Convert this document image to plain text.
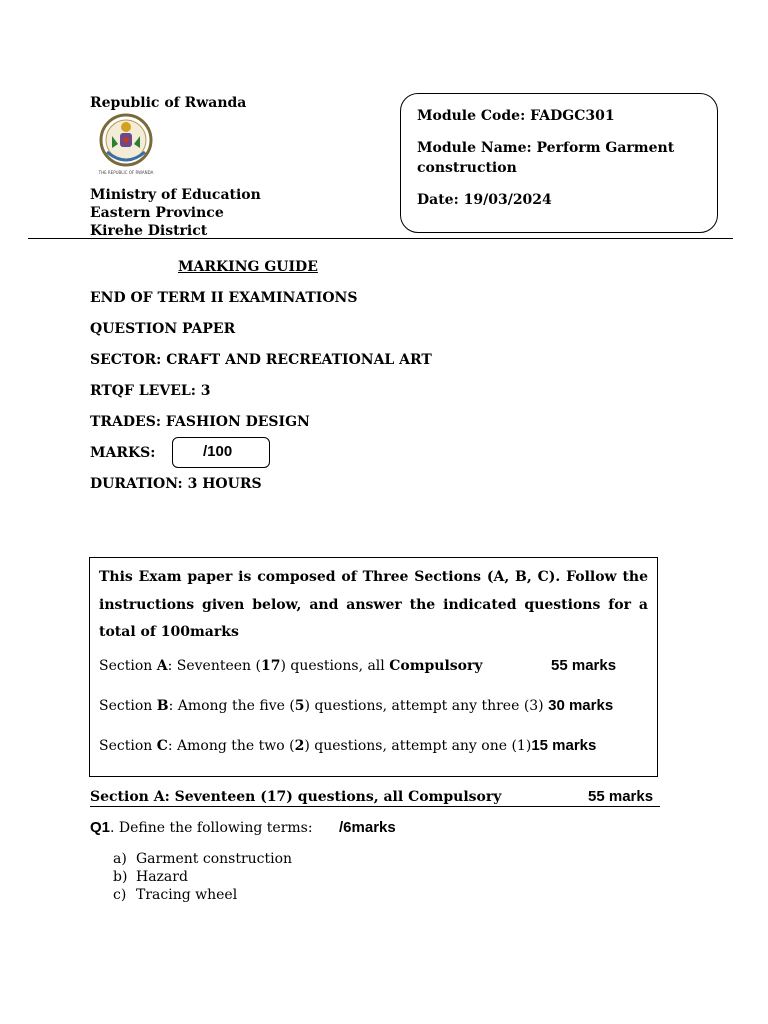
Republic of Rwanda
THE REPUBLIC OF RWANDA
Ministry of Education
Eastern Province
Kirehe District

Module Code: FADGC301

Module Name: Perform Garment
construction

Date: 19/03/2024

MARKING GUIDE
END OF TERM II EXAMINATIONS
QUESTION PAPER
SECTOR: CRAFT AND RECREATIONAL ART
RTQF LEVEL: 3
TRADES: FASHION DESIGN
MARKS:	/100
DURATION: 3 HOURS
This Exam paper is composed of Three Sections (A, B, C). Follow the instructions given below, and answer the indicated questions for a total of 100marks
Section A: Seventeen (17) questions, all Compulsory	55 marks
Section B: Among the five (5) questions, attempt any three (3) 30 marks
Section C: Among the two (2) questions, attempt any one (1)15 marks
Section A: Seventeen (17) questions, all Compulsory	55 marks
Q1. Define the following terms: /6marks
a) Garment construction
b) Hazard
c) Tracing wheel
